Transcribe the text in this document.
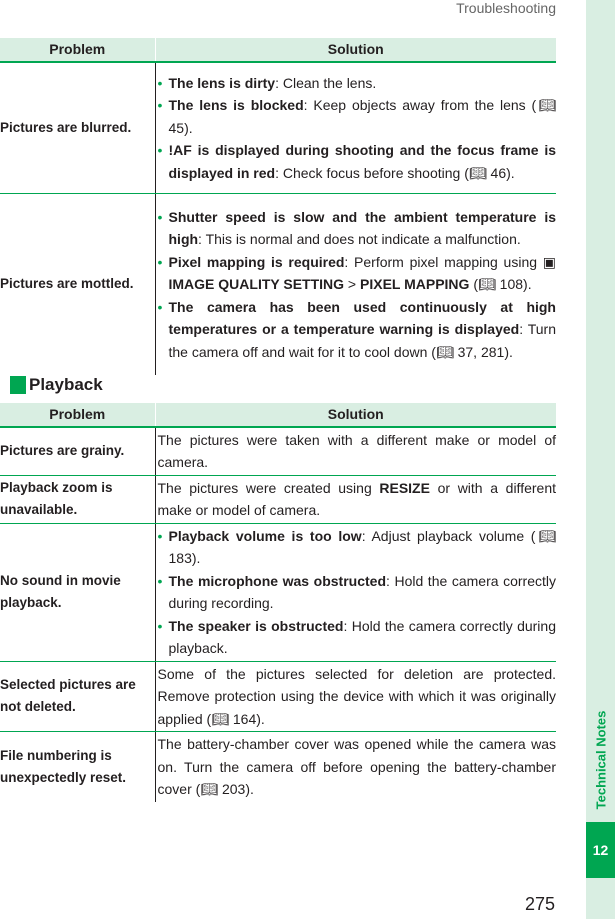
Troubleshooting
Technical Notes
12
Problem	Solution
Pictures are blurred.	• The lens is dirty: Clean the lens.
• The lens is blocked: Keep objects away from the lens (📖︎ 45).
• !AF is displayed during shooting and the focus frame is displayed in red: Check focus before shooting (📖︎ 46).

Pictures are mottled.	• Shutter speed is slow and the ambient temperature is high: This is normal and does not indicate a malfunction.
• Pixel mapping is required: Perform pixel mapping using ▣ IMAGE QUALITY SETTING > PIXEL MAPPING (📖︎ 108).
• The camera has been used continuously at high temperatures or a temperature warning is displayed: Turn the camera off and wait for it to cool down (📖︎ 37, 281).
Playback
Problem	Solution
Pictures are grainy.	The pictures were taken with a different make or model of camera.
Playback zoom is unavailable.	The pictures were created using RESIZE or with a different make or model of camera.
No sound in movie playback.	• Playback volume is too low: Adjust playback volume (📖︎ 183).
• The microphone was obstructed: Hold the camera correctly during recording.
• The speaker is obstructed: Hold the camera correctly during playback.

Selected pictures are not deleted.	Some of the pictures selected for deletion are protected. Remove protection using the device with which it was originally applied (📖︎ 164).
File numbering is unexpectedly reset.	The battery-chamber cover was opened while the camera was on. Turn the camera off before opening the battery-chamber cover (📖︎ 203).
275
